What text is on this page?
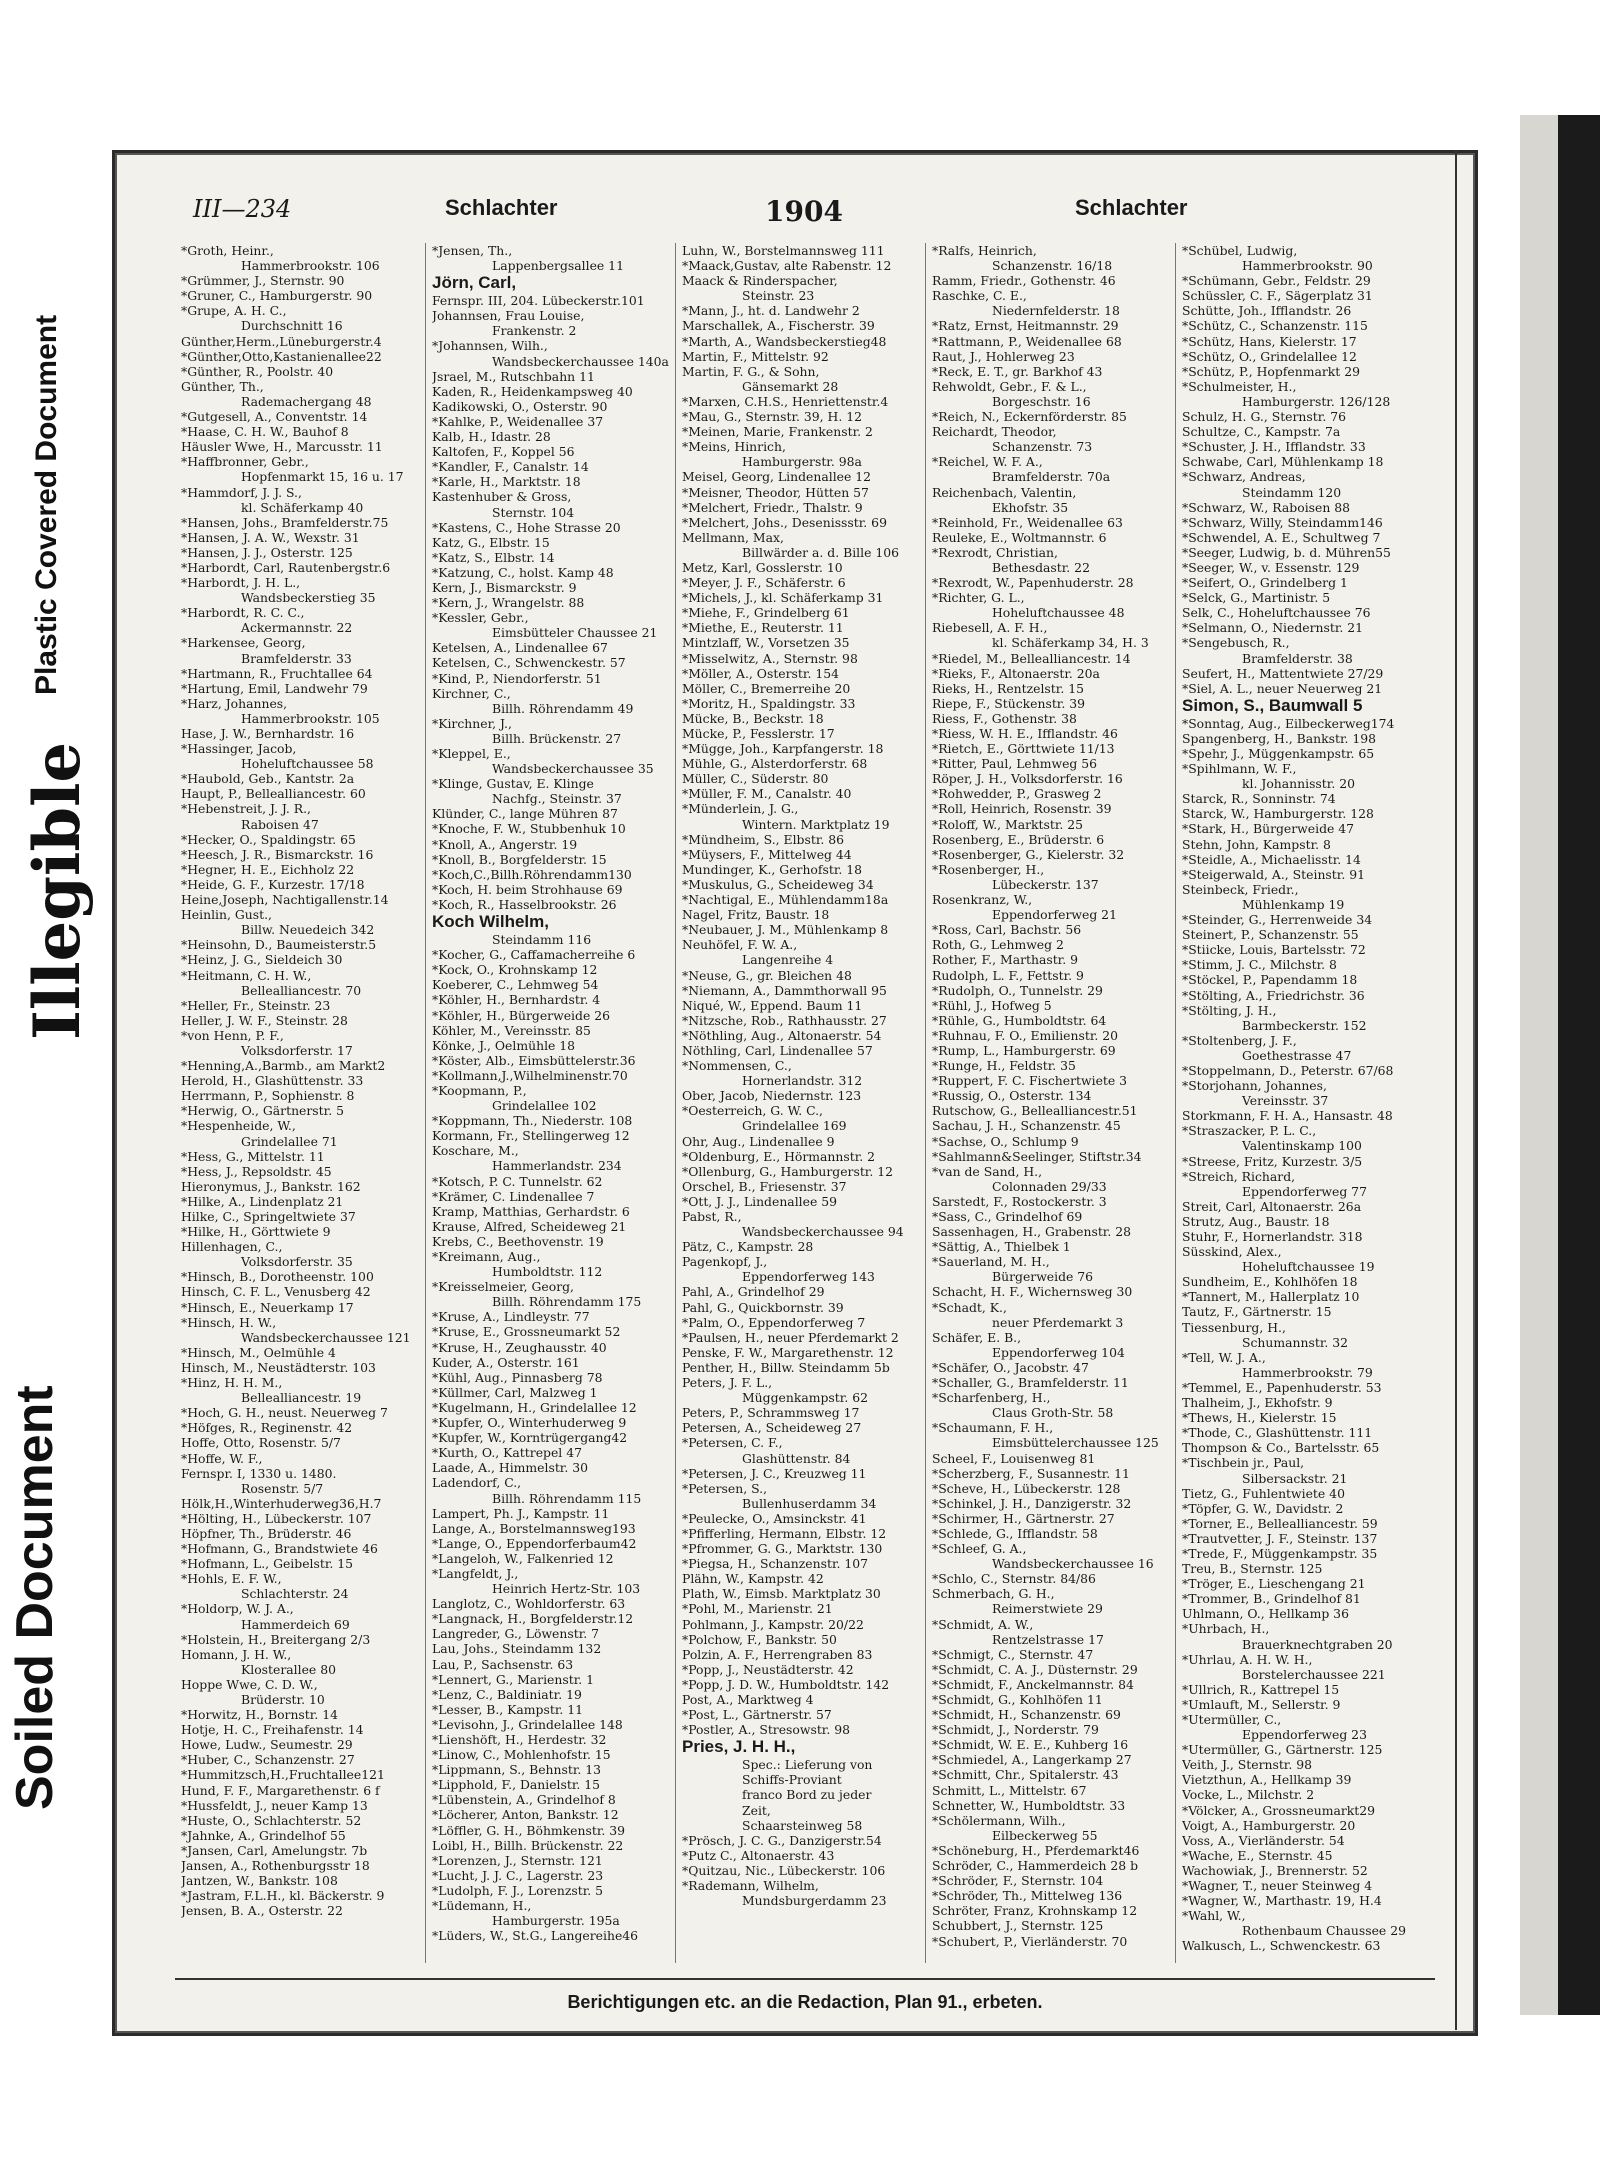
Plastic Covered Document
Illegible
Soiled Document
III—234	Schlachter	1904	Schlachter
*Groth, Heinr.,
Hammerbrookstr. 106
*Grümmer, J., Sternstr. 90
*Gruner, C., Hamburgerstr. 90
*Grupe, A. H. C.,
Durchschnitt 16
Günther,Herm.,Lüneburgerstr.4
*Günther,Otto,Kastanienallee22
*Günther, R., Poolstr. 40
Günther, Th.,
Rademachergang 48
*Gutgesell, A., Conventstr. 14
*Haase, C. H. W., Bauhof 8
Häusler Wwe, H., Marcusstr. 11
*Haffbronner, Gebr.,
Hopfenmarkt 15, 16 u. 17
*Hammdorf, J. J. S.,
kl. Schäferkamp 40
*Hansen, Johs., Bramfelderstr.75
*Hansen, J. A. W., Wexstr. 31
*Hansen, J. J., Osterstr. 125
*Harbordt, Carl, Rautenbergstr.6
*Harbordt, J. H. L.,
Wandsbeckerstieg 35
*Harbordt, R. C. C.,
Ackermannstr. 22
*Harkensee, Georg,
Bramfelderstr. 33
*Hartmann, R., Fruchtallee 64
*Hartung, Emil, Landwehr 79
*Harz, Johannes,
Hammerbrookstr. 105
Hase, J. W., Bernhardstr. 16
*Hassinger, Jacob,
Hoheluftchaussee 58
*Haubold, Geb., Kantstr. 2a
Haupt, P., Bellealliancestr. 60
*Hebenstreit, J. J. R.,
Raboisen 47
*Hecker, O., Spaldingstr. 65
*Heesch, J. R., Bismarckstr. 16
*Hegner, H. E., Eichholz 22
*Heide, G. F., Kurzestr. 17/18
Heine,Joseph, Nachtigallenstr.14
Heinlin, Gust.,
Billw. Neuedeich 342
*Heinsohn, D., Baumeisterstr.5
*Heinz, J. G., Sieldeich 30
*Heitmann, C. H. W.,
Bellealliancestr. 70
*Heller, Fr., Steinstr. 23
Heller, J. W. F., Steinstr. 28
*von Henn, P. F.,
Volksdorferstr. 17
*Henning,A.,Barmb., am Markt2
Herold, H., Glashüttenstr. 33
Herrmann, P., Sophienstr. 8
*Herwig, O., Gärtnerstr. 5
*Hespenheide, W.,
Grindelallee 71
*Hess, G., Mittelstr. 11
*Hess, J., Repsoldstr. 45
Hieronymus, J., Bankstr. 162
*Hilke, A., Lindenplatz 21
Hilke, C., Springeltwiete 37
*Hilke, H., Görttwiete 9
Hillenhagen, C.,
Volksdorferstr. 35
*Hinsch, B., Dorotheenstr. 100
Hinsch, C. F. L., Venusberg 42
*Hinsch, E., Neuerkamp 17
*Hinsch, H. W.,
Wandsbeckerchaussee 121
*Hinsch, M., Oelmühle 4
Hinsch, M., Neustädterstr. 103
*Hinz, H. H. M.,
Bellealliancestr. 19
*Hoch, G. H., neust. Neuerweg 7
*Höfges, R., Reginenstr. 42
Hoffe, Otto, Rosenstr. 5/7
*Hoffe, W. F.,
Fernspr. I, 1330 u. 1480.
Rosenstr. 5/7
Hölk,H.,Winterhuderweg36,H.7
*Hölting, H., Lübeckerstr. 107
Höpfner, Th., Brüderstr. 46
*Hofmann, G., Brandstwiete 46
*Hofmann, L., Geibelstr. 15
*Hohls, E. F. W.,
Schlachterstr. 24
*Holdorp, W. J. A.,
Hammerdeich 69
*Holstein, H., Breitergang 2/3
Homann, J. H. W.,
Klosterallee 80
Hoppe Wwe, C. D. W.,
Brüderstr. 10
*Horwitz, H., Bornstr. 14
Hotje, H. C., Freihafenstr. 14
Howe, Ludw., Seumestr. 29
*Huber, C., Schanzenstr. 27
*Hummitzsch,H.,Fruchtallee121
Hund, F. F., Margarethenstr. 6 f
*Hussfeldt, J., neuer Kamp 13
*Huste, O., Schlachterstr. 52
*Jahnke, A., Grindelhof 55
*Jansen, Carl, Amelungstr. 7b
Jansen, A., Rothenburgsstr 18
Jantzen, W., Bankstr. 108
*Jastram, F.L.H., kl. Bäckerstr. 9
Jensen, B. A., Osterstr. 22
*Jensen, Th.,
Lappenbergsallee 11
Jörn, Carl,
Fernspr. III, 204. Lübeckerstr.101
Johannsen, Frau Louise,
Frankenstr. 2
*Johannsen, Wilh.,
Wandsbeckerchaussee 140a
Jsrael, M., Rutschbahn 11
Kaden, R., Heidenkampsweg 40
Kadikowski, O., Osterstr. 90
*Kahlke, P., Weidenallee 37
Kalb, H., Idastr. 28
Kaltofen, F., Koppel 56
*Kandler, F., Canalstr. 14
*Karle, H., Marktstr. 18
Kastenhuber & Gross,
Sternstr. 104
*Kastens, C., Hohe Strasse 20
Katz, G., Elbstr. 15
*Katz, S., Elbstr. 14
*Katzung, C., holst. Kamp 48
Kern, J., Bismarckstr. 9
*Kern, J., Wrangelstr. 88
*Kessler, Gebr.,
Eimsbütteler Chaussee 21
Ketelsen, A., Lindenallee 67
Ketelsen, C., Schwenckestr. 57
*Kind, P., Niendorferstr. 51
Kirchner, C.,
Billh. Röhrendamm 49
*Kirchner, J.,
Billh. Brückenstr. 27
*Kleppel, E.,
Wandsbeckerchaussee 35
*Klinge, Gustav, E. Klinge
Nachfg., Steinstr. 37
Klünder, C., lange Mühren 87
*Knoche, F. W., Stubbenhuk 10
*Knoll, A., Angerstr. 19
*Knoll, B., Borgfelderstr. 15
*Koch,C.,Billh.Röhrendamm130
*Koch, H. beim Strohhause 69
*Koch, R., Hasselbrookstr. 26
Koch Wilhelm,
Steindamm 116
*Kocher, G., Caffamacherreihe 6
*Kock, O., Krohnskamp 12
Koeberer, C., Lehmweg 54
*Köhler, H., Bernhardstr. 4
*Köhler, H., Bürgerweide 26
Köhler, M., Vereinsstr. 85
Könke, J., Oelmühle 18
*Köster, Alb., Eimsbüttelerstr.36
*Kollmann,J.,Wilhelminenstr.70
*Koopmann, P.,
Grindelallee 102
*Koppmann, Th., Niederstr. 108
Kormann, Fr., Stellingerweg 12
Koschare, M.,
Hammerlandstr. 234
*Kotsch, P. C. Tunnelstr. 62
*Krämer, C. Lindenallee 7
Kramp, Matthias, Gerhardstr. 6
Krause, Alfred, Scheideweg 21
Krebs, C., Beethovenstr. 19
*Kreimann, Aug.,
Humboldtstr. 112
*Kreisselmeier, Georg,
Billh. Röhrendamm 175
*Kruse, A., Lindleystr. 77
*Kruse, E., Grossneumarkt 52
*Kruse, H., Zeughausstr. 40
Kuder, A., Osterstr. 161
*Kühl, Aug., Pinnasberg 78
*Küllmer, Carl, Malzweg 1
*Kugelmann, H., Grindelallee 12
*Kupfer, O., Winterhuderweg 9
*Kupfer, W., Korntrügergang42
*Kurth, O., Kattrepel 47
Laade, A., Himmelstr. 30
Ladendorf, C.,
Billh. Röhrendamm 115
Lampert, Ph. J., Kampstr. 11
Lange, A., Borstelmannsweg193
*Lange, O., Eppendorferbaum42
*Langeloh, W., Falkenried 12
*Langfeldt, J.,
Heinrich Hertz-Str. 103
Langlotz, C., Wohldorferstr. 63
*Langnack, H., Borgfelderstr.12
Langreder, G., Löwenstr. 7
Lau, Johs., Steindamm 132
Lau, P., Sachsenstr. 63
*Lennert, G., Marienstr. 1
*Lenz, C., Baldiniatr. 19
*Lesser, B., Kampstr. 11
*Levisohn, J., Grindelallee 148
*Lienshöft, H., Herdestr. 32
*Linow, C., Mohlenhofstr. 15
*Lippmann, S., Behnstr. 13
*Lipphold, F., Danielstr. 15
*Lübenstein, A., Grindelhof 8
*Löcherer, Anton, Bankstr. 12
*Löffler, G. H., Böhmkenstr. 39
Loibl, H., Billh. Brückenstr. 22
*Lorenzen, J., Sternstr. 121
*Lucht, J. J. C., Lagerstr. 23
*Ludolph, F. J., Lorenzstr. 5
*Lüdemann, H.,
Hamburgerstr. 195a
*Lüders, W., St.G., Langereihe46
Luhn, W., Borstelmannsweg 111
*Maack,Gustav, alte Rabenstr. 12
Maack & Rinderspacher,
Steinstr. 23
*Mann, J., ht. d. Landwehr 2
Marschallek, A., Fischerstr. 39
*Marth, A., Wandsbeckerstieg48
Martin, F., Mittelstr. 92
Martin, F. G., & Sohn,
Gänsemarkt 28
*Marxen, C.H.S., Henriettenstr.4
*Mau, G., Sternstr. 39, H. 12
*Meinen, Marie, Frankenstr. 2
*Meins, Hinrich,
Hamburgerstr. 98a
Meisel, Georg, Lindenallee 12
*Meisner, Theodor, Hütten 57
*Melchert, Friedr., Thalstr. 9
*Melchert, Johs., Desenissstr. 69
Mellmann, Max,
Billwärder a. d. Bille 106
Metz, Karl, Gosslerstr. 10
*Meyer, J. F., Schäferstr. 6
*Michels, J., kl. Schäferkamp 31
*Miehe, F., Grindelberg 61
*Miethe, E., Reuterstr. 11
Mintzlaff, W., Vorsetzen 35
*Misselwitz, A., Sternstr. 98
*Möller, A., Osterstr. 154
Möller, C., Bremerreihe 20
*Moritz, H., Spaldingstr. 33
Mücke, B., Beckstr. 18
Mücke, P., Fesslerstr. 17
*Mügge, Joh., Karpfangerstr. 18
Mühle, G., Alsterdorferstr. 68
Müller, C., Süderstr. 80
*Müller, F. M., Canalstr. 40
*Münderlein, J. G.,
Wintern. Marktplatz 19
*Mündheim, S., Elbstr. 86
*Müysers, F., Mittelweg 44
Mundinger, K., Gerhofstr. 18
*Muskulus, G., Scheideweg 34
*Nachtigal, E., Mühlendamm18a
Nagel, Fritz, Baustr. 18
*Neubauer, J. M., Mühlenkamp 8
Neuhöfel, F. W. A.,
Langenreihe 4
*Neuse, G., gr. Bleichen 48
*Niemann, A., Dammthorwall 95
Niqué, W., Eppend. Baum 11
*Nitzsche, Rob., Rathhausstr. 27
*Nöthling, Aug., Altonaerstr. 54
Nöthling, Carl, Lindenallee 57
*Nommensen, C.,
Hornerlandstr. 312
Ober, Jacob, Niedernstr. 123
*Oesterreich, G. W. C.,
Grindelallee 169
Ohr, Aug., Lindenallee 9
*Oldenburg, E., Hörmannstr. 2
*Ollenburg, G., Hamburgerstr. 12
Orschel, B., Friesenstr. 37
*Ott, J. J., Lindenallee 59
Pabst, R.,
Wandsbeckerchaussee 94
Pätz, C., Kampstr. 28
Pagenkopf, J.,
Eppendorferweg 143
Pahl, A., Grindelhof 29
Pahl, G., Quickbornstr. 39
*Palm, O., Eppendorferweg 7
*Paulsen, H., neuer Pferdemarkt 2
Penske, F. W., Margarethenstr. 12
Penther, H., Billw. Steindamm 5b
Peters, J. F. L.,
Müggenkampstr. 62
Peters, P., Schrammsweg 17
Petersen, A., Scheideweg 27
*Petersen, C. F.,
Glashüttenstr. 84
*Petersen, J. C., Kreuzweg 11
*Petersen, S.,
Bullenhuserdamm 34
*Peulecke, O., Amsinckstr. 41
*Pfifferling, Hermann, Elbstr. 12
*Pfrommer, G. G., Marktstr. 130
*Piegsa, H., Schanzenstr. 107
Plähn, W., Kampstr. 42
Plath, W., Eimsb. Marktplatz 30
*Pohl, M., Marienstr. 21
Pohlmann, J., Kampstr. 20/22
*Polchow, F., Bankstr. 50
Polzin, A. F., Herrengraben 83
*Popp, J., Neustädterstr. 42
*Popp, J. D. W., Humboldtstr. 142
Post, A., Marktweg 4
*Post, L., Gärtnerstr. 57
*Postler, A., Stresowstr. 98
Pries, J. H. H.,
Spec.: Lieferung von
Schiffs-Proviant
franco Bord zu jeder
Zeit,
Schaarsteinweg 58
*Prösch, J. C. G., Danzigerstr.54
*Putz C., Altonaerstr. 43
*Quitzau, Nic., Lübeckerstr. 106
*Rademann, Wilhelm,
Mundsburgerdamm 23
*Ralfs, Heinrich,
Schanzenstr. 16/18
Ramm, Friedr., Gothenstr. 46
Raschke, C. E.,
Niedernfelderstr. 18
*Ratz, Ernst, Heitmannstr. 29
*Rattmann, P., Weidenallee 68
Raut, J., Hohlerweg 23
*Reck, E. T., gr. Barkhof 43
Rehwoldt, Gebr., F. & L.,
Borgeschstr. 16
*Reich, N., Eckernförderstr. 85
Reichardt, Theodor,
Schanzenstr. 73
*Reichel, W. F. A.,
Bramfelderstr. 70a
Reichenbach, Valentin,
Ekhofstr. 35
*Reinhold, Fr., Weidenallee 63
Reuleke, E., Woltmannstr. 6
*Rexrodt, Christian,
Bethesdastr. 22
*Rexrodt, W., Papenhuderstr. 28
*Richter, G. L.,
Hoheluftchaussee 48
Riebesell, A. F. H.,
kl. Schäferkamp 34, H. 3
*Riedel, M., Bellealliancestr. 14
*Rieks, F., Altonaerstr. 20a
Rieks, H., Rentzelstr. 15
Riepe, F., Stückenstr. 39
Riess, F., Gothenstr. 38
*Riess, W. H. E., Ifflandstr. 46
*Rietch, E., Görttwiete 11/13
*Ritter, Paul, Lehmweg 56
Röper, J. H., Volksdorferstr. 16
*Rohwedder, P., Grasweg 2
*Roll, Heinrich, Rosenstr. 39
*Roloff, W., Marktstr. 25
Rosenberg, E., Brüderstr. 6
*Rosenberger, G., Kielerstr. 32
*Rosenberger, H.,
Lübeckerstr. 137
Rosenkranz, W.,
Eppendorferweg 21
*Ross, Carl, Bachstr. 56
Roth, G., Lehmweg 2
Rother, F., Marthastr. 9
Rudolph, L. F., Fettstr. 9
*Rudolph, O., Tunnelstr. 29
*Rühl, J., Hofweg 5
*Rühle, G., Humboldtstr. 64
*Ruhnau, F. O., Emilienstr. 20
*Rump, L., Hamburgerstr. 69
*Runge, H., Feldstr. 35
*Ruppert, F. C. Fischertwiete 3
*Russig, O., Osterstr. 134
Rutschow, G., Bellealliancestr.51
Sachau, J. H., Schanzenstr. 45
*Sachse, O., Schlump 9
*Sahlmann&Seelinger, Stiftstr.34
*van de Sand, H.,
Colonnaden 29/33
Sarstedt, F., Rostockerstr. 3
*Sass, C., Grindelhof 69
Sassenhagen, H., Grabenstr. 28
*Sättig, A., Thielbek 1
*Sauerland, M. H.,
Bürgerweide 76
Schacht, H. F., Wichernsweg 30
*Schadt, K.,
neuer Pferdemarkt 3
Schäfer, E. B.,
Eppendorferweg 104
*Schäfer, O., Jacobstr. 47
*Schaller, G., Bramfelderstr. 11
*Scharfenberg, H.,
Claus Groth-Str. 58
*Schaumann, F. H.,
Eimsbüttelerchaussee 125
Scheel, F., Louisenweg 81
*Scherzberg, F., Susannestr. 11
*Scheve, H., Lübeckerstr. 128
*Schinkel, J. H., Danzigerstr. 32
*Schirmer, H., Gärtnerstr. 27
*Schlede, G., Ifflandstr. 58
*Schleef, G. A.,
Wandsbeckerchaussee 16
*Schlo, C., Sternstr. 84/86
Schmerbach, G. H.,
Reimerstwiete 29
*Schmidt, A. W.,
Rentzelstrasse 17
*Schmigt, C., Sternstr. 47
*Schmidt, C. A. J., Düsternstr. 29
*Schmidt, F., Anckelmannstr. 84
*Schmidt, G., Kohlhöfen 11
*Schmidt, H., Schanzenstr. 69
*Schmidt, J., Norderstr. 79
*Schmidt, W. E. E., Kuhberg 16
*Schmiedel, A., Langerkamp 27
*Schmitt, Chr., Spitalerstr. 43
Schmitt, L., Mittelstr. 67
Schnetter, W., Humboldtstr. 33
*Schölermann, Wilh.,
Eilbeckerweg 55
*Schöneburg, H., Pferdemarkt46
Schröder, C., Hammerdeich 28 b
*Schröder, F., Sternstr. 104
*Schröder, Th., Mittelweg 136
Schröter, Franz, Krohnskamp 12
Schubbert, J., Sternstr. 125
*Schubert, P., Vierländerstr. 70
*Schübel, Ludwig,
Hammerbrookstr. 90
*Schümann, Gebr., Feldstr. 29
Schüssler, C. F., Sägerplatz 31
Schütte, Joh., Ifflandstr. 26
*Schütz, C., Schanzenstr. 115
*Schütz, Hans, Kielerstr. 17
*Schütz, O., Grindelallee 12
*Schütz, P., Hopfenmarkt 29
*Schulmeister, H.,
Hamburgerstr. 126/128
Schulz, H. G., Sternstr. 76
Schultze, C., Kampstr. 7a
*Schuster, J. H., Ifflandstr. 33
Schwabe, Carl, Mühlenkamp 18
*Schwarz, Andreas,
Steindamm 120
*Schwarz, W., Raboisen 88
*Schwarz, Willy, Steindamm146
*Schwendel, A. E., Schultweg 7
*Seeger, Ludwig, b. d. Mühren55
*Seeger, W., v. Essenstr. 129
*Seifert, O., Grindelberg 1
*Selck, G., Martinistr. 5
Selk, C., Hoheluftchaussee 76
*Selmann, O., Niedernstr. 21
*Sengebusch, R.,
Bramfelderstr. 38
Seufert, H., Mattentwiete 27/29
*Siel, A. L., neuer Neuerweg 21
Simon, S., Baumwall 5
*Sonntag, Aug., Eilbeckerweg174
Spangenberg, H., Bankstr. 198
*Spehr, J., Müggenkampstr. 65
*Spihlmann, W. F.,
kl. Johannisstr. 20
Starck, R., Sonninstr. 74
Starck, W., Hamburgerstr. 128
*Stark, H., Bürgerweide 47
Stehn, John, Kampstr. 8
*Steidle, A., Michaelisstr. 14
*Steigerwald, A., Steinstr. 91
Steinbeck, Friedr.,
Mühlenkamp 19
*Steinder, G., Herrenweide 34
Steinert, P., Schanzenstr. 55
*Stiicke, Louis, Bartelsstr. 72
*Stimm, J. C., Milchstr. 8
*Stöckel, P., Papendamm 18
*Stölting, A., Friedrichstr. 36
*Stölting, J. H.,
Barmbeckerstr. 152
*Stoltenberg, J. F.,
Goethestrasse 47
*Stoppelmann, D., Peterstr. 67/68
*Storjohann, Johannes,
Vereinsstr. 37
Storkmann, F. H. A., Hansastr. 48
*Straszacker, P. L. C.,
Valentinskamp 100
*Streese, Fritz, Kurzestr. 3/5
*Streich, Richard,
Eppendorferweg 77
Streit, Carl, Altonaerstr. 26a
Strutz, Aug., Baustr. 18
Stuhr, F., Hornerlandstr. 318
Süsskind, Alex.,
Hoheluftchaussee 19
Sundheim, E., Kohlhöfen 18
*Tannert, M., Hallerplatz 10
Tautz, F., Gärtnerstr. 15
Tiessenburg, H.,
Schumannstr. 32
*Tell, W. J. A.,
Hammerbrookstr. 79
*Temmel, E., Papenhuderstr. 53
Thalheim, J., Ekhofstr. 9
*Thews, H., Kielerstr. 15
*Thode, C., Glashüttenstr. 111
Thompson & Co., Bartelsstr. 65
*Tischbein jr., Paul,
Silbersackstr. 21
Tietz, G., Fuhlentwiete 40
*Töpfer, G. W., Davidstr. 2
*Torner, E., Bellealliancestr. 59
*Trautvetter, J. F., Steinstr. 137
*Trede, F., Müggenkampstr. 35
Treu, B., Sternstr. 125
*Tröger, E., Lieschengang 21
*Trommer, B., Grindelhof 81
Uhlmann, O., Hellkamp 36
*Uhrbach, H.,
Brauerknechtgraben 20
*Uhrlau, A. H. W. H.,
Borstelerchaussee 221
*Ullrich, R., Kattrepel 15
*Umlauft, M., Sellerstr. 9
*Utermüller, C.,
Eppendorferweg 23
*Utermüller, G., Gärtnerstr. 125
Veith, J., Sternstr. 98
Vietzthun, A., Hellkamp 39
Vocke, L., Milchstr. 2
*Völcker, A., Grossneumarkt29
Voigt, A., Hamburgerstr. 20
Voss, A., Vierländerstr. 54
*Wache, E., Sternstr. 45
Wachowiak, J., Brennerstr. 52
*Wagner, T., neuer Steinweg 4
*Wagner, W., Marthastr. 19, H.4
*Wahl, W.,
Rothenbaum Chaussee 29
Walkusch, L., Schwenckestr. 63
Berichtigungen etc. an die Redaction, Plan 91., erbeten.
